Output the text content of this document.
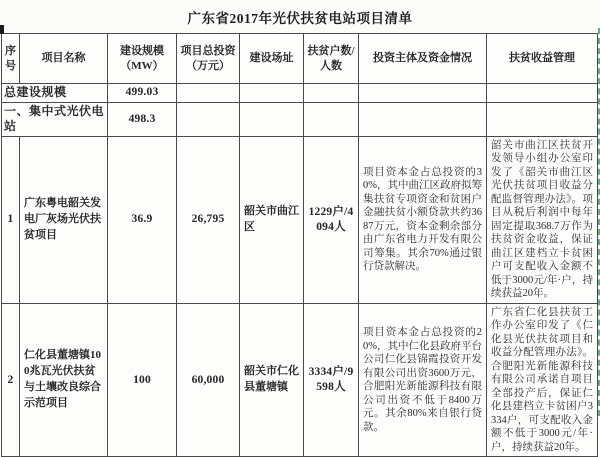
广东省2017年光伏扶贫电站项目清单
序号	项目名称	建设规模（MW）	项目总投资（万元）	建设场址	扶贫户数/人数	投资主体及资金情况	扶贫收益管理
总建设规模		499.03					
一、集中式光伏电站		498.3					
1	广东粤电韶关发电厂灰场光伏扶贫项目	36.9	26,795	韶关市曲江区	1229户/4094人	项目资本金占总投资的30%，其中曲江区政府拟筹集扶贫专项资金和贫困户金融扶贫小额贷款共约3687万元，资本金剩余部分由广东省电力开发有限公司筹集。其余70%通过银行贷款解决。	韶关市曲江区扶贫开发领导小组办公室印发了《韶关市曲江区光伏扶贫项目收益分配监督管理办法》。项目从税后利润中每年固定提取368.7万作为扶贫资金收益，保证曲江区建档立卡贫困户可支配收入金额不低于3000元/年·户，持续获益20年。
2	仁化县董塘镇100兆瓦光伏扶贫与土壤改良综合示范项目	100	60,000	韶关市仁化县董塘镇	3334户/9598人	项目资本金占总投资的20%，其中仁化县政府平台公司仁化县锦霞投资开发有限公司出资3600万元，合肥阳光新能源科技有限公司出资不低于8400万元。其余80%来自银行贷款。	广东省仁化县扶贫工作办公室印发了《仁化县光伏扶贫项目和收益分配管理办法》。合肥阳光新能源科技有限公司承诺自项目全部投产后，保证仁化县建档立卡贫困户3334户，可支配收入金额不低于3000元/年·户，持续获益20年。
